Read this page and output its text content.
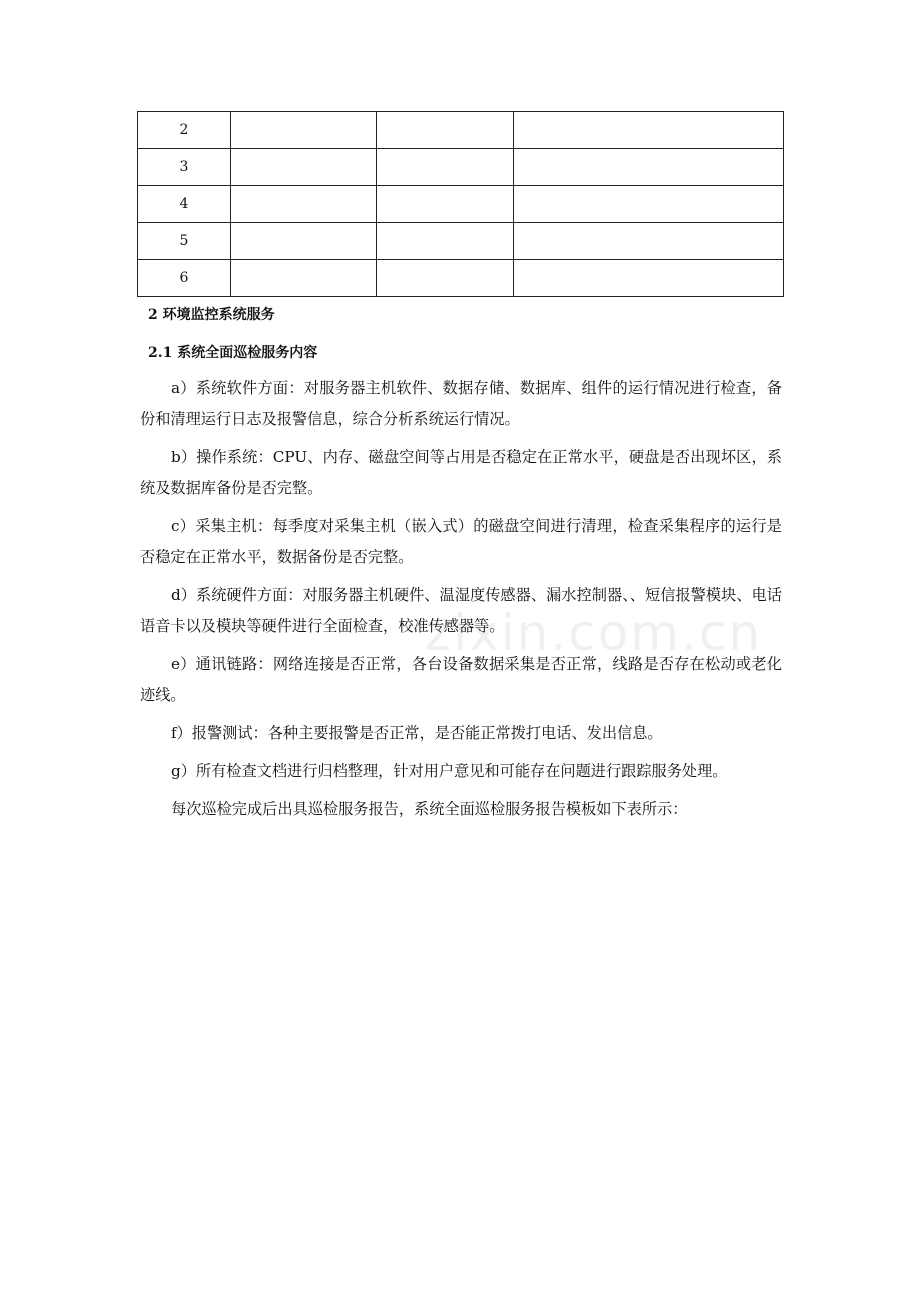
2			
3			
4			
5			
6			
2 环境监控系统服务
2.1 系统全面巡检服务内容

a）系统软件方面：对服务器主机软件、数据存储、数据库、组件的运行情况进行检查，备份和清理运行日志及报警信息，综合分析系统运行情况。

b）操作系统：CPU、内存、磁盘空间等占用是否稳定在正常水平，硬盘是否出现坏区，系统及数据库备份是否完整。

c）采集主机：每季度对采集主机（嵌入式）的磁盘空间进行清理，检查采集程序的运行是否稳定在正常水平，数据备份是否完整。

d）系统硬件方面：对服务器主机硬件、温湿度传感器、漏水控制器、、短信报警模块、电话语音卡以及模块等硬件进行全面检查，校准传感器等。

e）通讯链路：网络连接是否正常，各台设备数据采集是否正常，线路是否存在松动或老化迹线。

f）报警测试：各种主要报警是否正常，是否能正常拨打电话、发出信息。

g）所有检查文档进行归档整理，针对用户意见和可能存在问题进行跟踪服务处理。

每次巡检完成后出具巡检服务报告，系统全面巡检服务报告模板如下表所示：

zixin.com.cn
